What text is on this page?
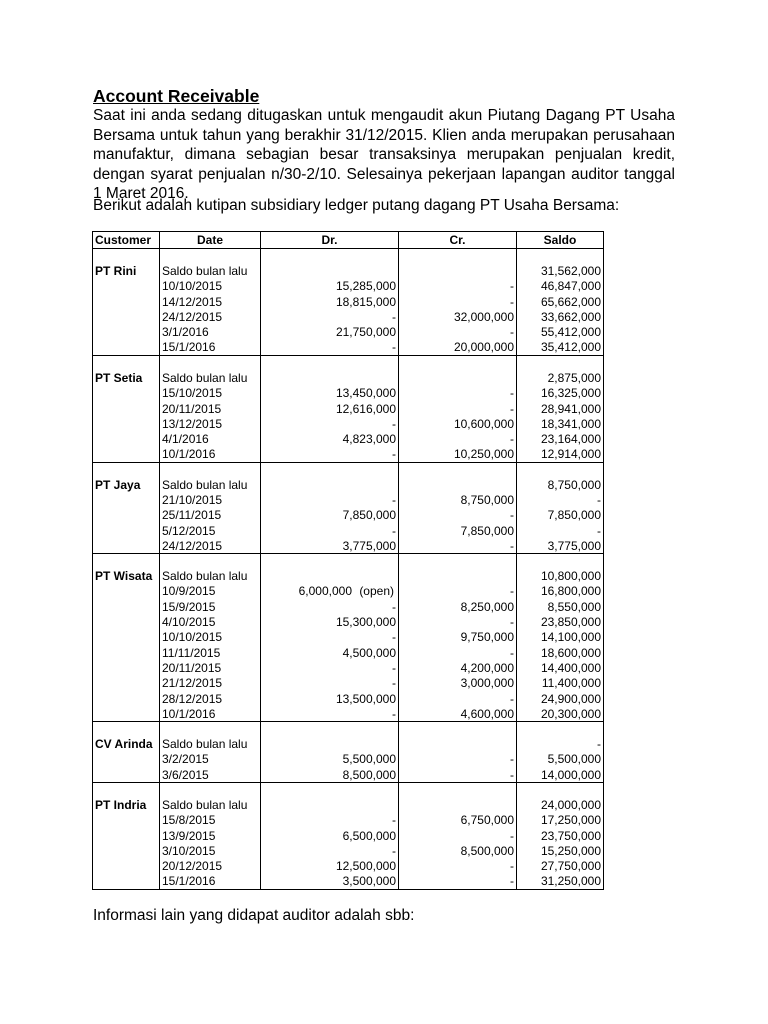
Account Receivable

Saat ini anda sedang ditugaskan untuk mengaudit akun Piutang Dagang PT Usaha Bersama untuk tahun yang berakhir 31/12/2015. Klien anda merupakan perusahaan manufaktur, dimana sebagian besar transaksinya merupakan penjualan kredit, dengan syarat penjualan n/30-2/10. Selesainya pekerjaan lapangan auditor tanggal 1 Maret 2016.

Berikut adalah kutipan subsidiary ledger putang dagang PT Usaha Bersama:

Customer	Date	Dr.	Cr.	Saldo

PT Rini	Saldo bulan lalu			31,562,000
	10/10/2015	15,285,000	-	46,847,000
	14/12/2015	18,815,000	-	65,662,000
	24/12/2015	-	32,000,000	33,662,000
	3/1/2016	21,750,000	-	55,412,000
	15/1/2016	-	20,000,000	35,412,000

PT Setia	Saldo bulan lalu			2,875,000
	15/10/2015	13,450,000	-	16,325,000
	20/11/2015	12,616,000	-	28,941,000
	13/12/2015	-	10,600,000	18,341,000
	4/1/2016	4,823,000	-	23,164,000
	10/1/2016	-	10,250,000	12,914,000

PT Jaya	Saldo bulan lalu			8,750,000
	21/10/2015	-	8,750,000	-
	25/11/2015	7,850,000	-	7,850,000
	5/12/2015	-	7,850,000	-
	24/12/2015	3,775,000	-	3,775,000

PT Wisata	Saldo bulan lalu			10,800,000
	10/9/2015	6,000,000 (open)	-	16,800,000
	15/9/2015	-	8,250,000	8,550,000
	4/10/2015	15,300,000	-	23,850,000
	10/10/2015	-	9,750,000	14,100,000
	11/11/2015	4,500,000	-	18,600,000
	20/11/2015	-	4,200,000	14,400,000
	21/12/2015	-	3,000,000	11,400,000
	28/12/2015	13,500,000	-	24,900,000
	10/1/2016	-	4,600,000	20,300,000

CV Arinda	Saldo bulan lalu			-
	3/2/2015	5,500,000	-	5,500,000
	3/6/2015	8,500,000	-	14,000,000

PT Indria	Saldo bulan lalu			24,000,000
	15/8/2015	-	6,750,000	17,250,000
	13/9/2015	6,500,000	-	23,750,000
	3/10/2015	-	8,500,000	15,250,000
	20/12/2015	12,500,000	-	27,750,000
	15/1/2016	3,500,000	-	31,250,000

Informasi lain yang didapat auditor adalah sbb:
